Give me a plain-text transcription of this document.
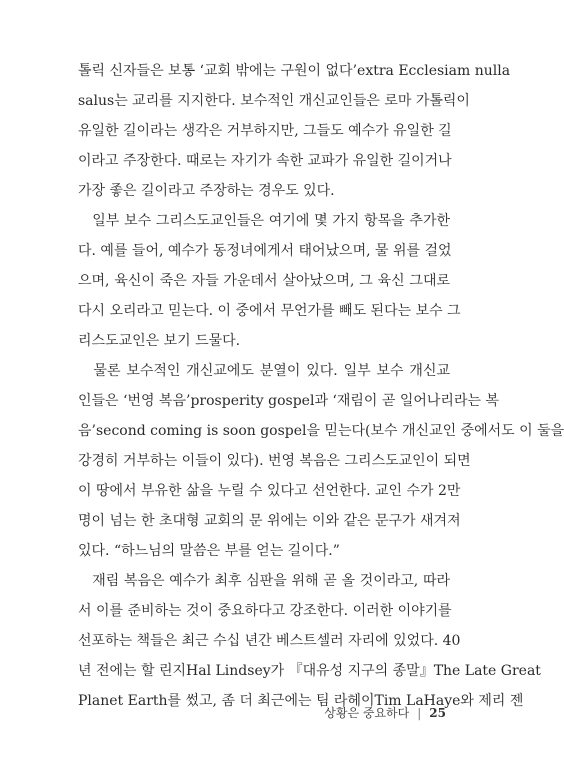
톨릭 신자들은 보통 ‘교회 밖에는 구원이 없다’extra Ecclesiam nulla
salus는 교리를 지지한다. 보수적인 개신교인들은 로마 가톨릭이
유일한 길이라는 생각은 거부하지만, 그들도 예수가 유일한 길
이라고 주장한다. 때로는 자기가 속한 교파가 유일한 길이거나
가장 좋은 길이라고 주장하는 경우도 있다.
　일부 보수 그리스도교인들은 여기에 몇 가지 항목을 추가한
다. 예를 들어, 예수가 동정녀에게서 태어났으며, 물 위를 걸었
으며, 육신이 죽은 자들 가운데서 살아났으며, 그 육신 그대로
다시 오리라고 믿는다. 이 중에서 무언가를 빼도 된다는 보수 그
리스도교인은 보기 드물다.
　물론 보수적인 개신교에도 분열이 있다. 일부 보수 개신교
인들은 ‘번영 복음’prosperity gospel과 ‘재림이 곧 일어나리라는 복
음’second coming is soon gospel을 믿는다(보수 개신교인 중에서도 이 둘을
강경히 거부하는 이들이 있다). 번영 복음은 그리스도교인이 되면
이 땅에서 부유한 삶을 누릴 수 있다고 선언한다. 교인 수가 2만
명이 넘는 한 초대형 교회의 문 위에는 이와 같은 문구가 새겨져
있다. “하느님의 말씀은 부를 얻는 길이다.”
　재림 복음은 예수가 최후 심판을 위해 곧 올 것이라고, 따라
서 이를 준비하는 것이 중요하다고 강조한다. 이러한 이야기를
선포하는 책들은 최근 수십 년간 베스트셀러 자리에 있었다. 40
년 전에는 할 린지Hal Lindsey가 『대유성 지구의 종말』The Late Great
Planet Earth를 썼고, 좀 더 최근에는 팀 라헤이Tim LaHaye와 제리 젠
상황은 중요하다 | 25
